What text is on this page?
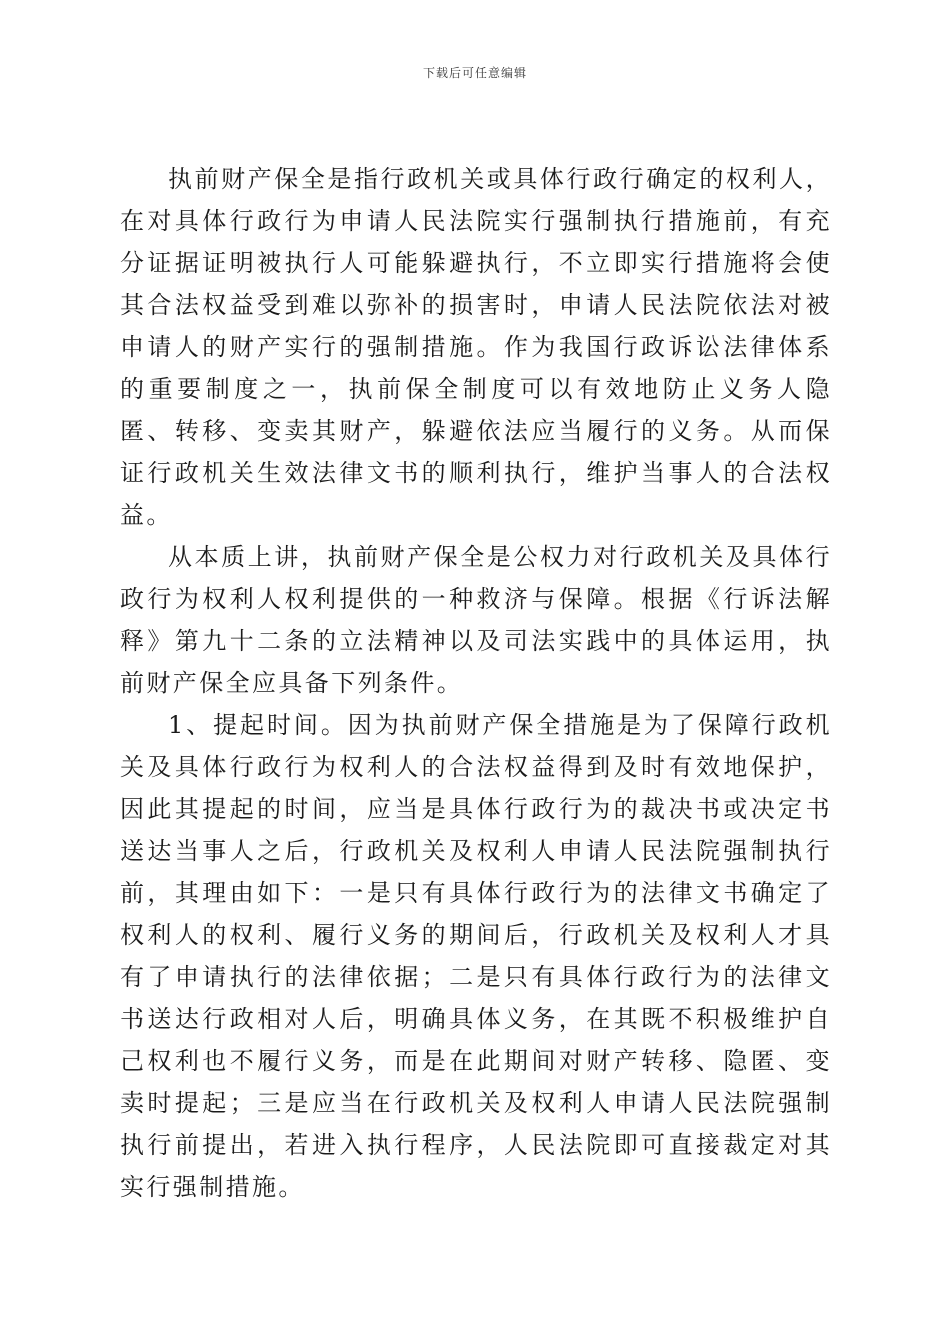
下载后可任意编辑

执前财产保全是指行政机关或具体行政行确定的权利人，在对具体行政行为申请人民法院实行强制执行措施前，有充分证据证明被执行人可能躲避执行，不立即实行措施将会使其合法权益受到难以弥补的损害时，申请人民法院依法对被申请人的财产实行的强制措施。作为我国行政诉讼法律体系的重要制度之一，执前保全制度可以有效地防止义务人隐匿、转移、变卖其财产，躲避依法应当履行的义务。从而保证行政机关生效法律文书的顺利执行，维护当事人的合法权益。

从本质上讲，执前财产保全是公权力对行政机关及具体行政行为权利人权利提供的一种救济与保障。根据《行诉法解释》第九十二条的立法精神以及司法实践中的具体运用，执前财产保全应具备下列条件。

1、提起时间。因为执前财产保全措施是为了保障行政机关及具体行政行为权利人的合法权益得到及时有效地保护，因此其提起的时间，应当是具体行政行为的裁决书或决定书送达当事人之后，行政机关及权利人申请人民法院强制执行前，其理由如下：一是只有具体行政行为的法律文书确定了权利人的权利、履行义务的期间后，行政机关及权利人才具有了申请执行的法律依据；二是只有具体行政行为的法律文书送达行政相对人后，明确具体义务，在其既不积极维护自己权利也不履行义务，而是在此期间对财产转移、隐匿、变卖时提起；三是应当在行政机关及权利人申请人民法院强制执行前提出，若进入执行程序，人民法院即可直接裁定对其实行强制措施。
